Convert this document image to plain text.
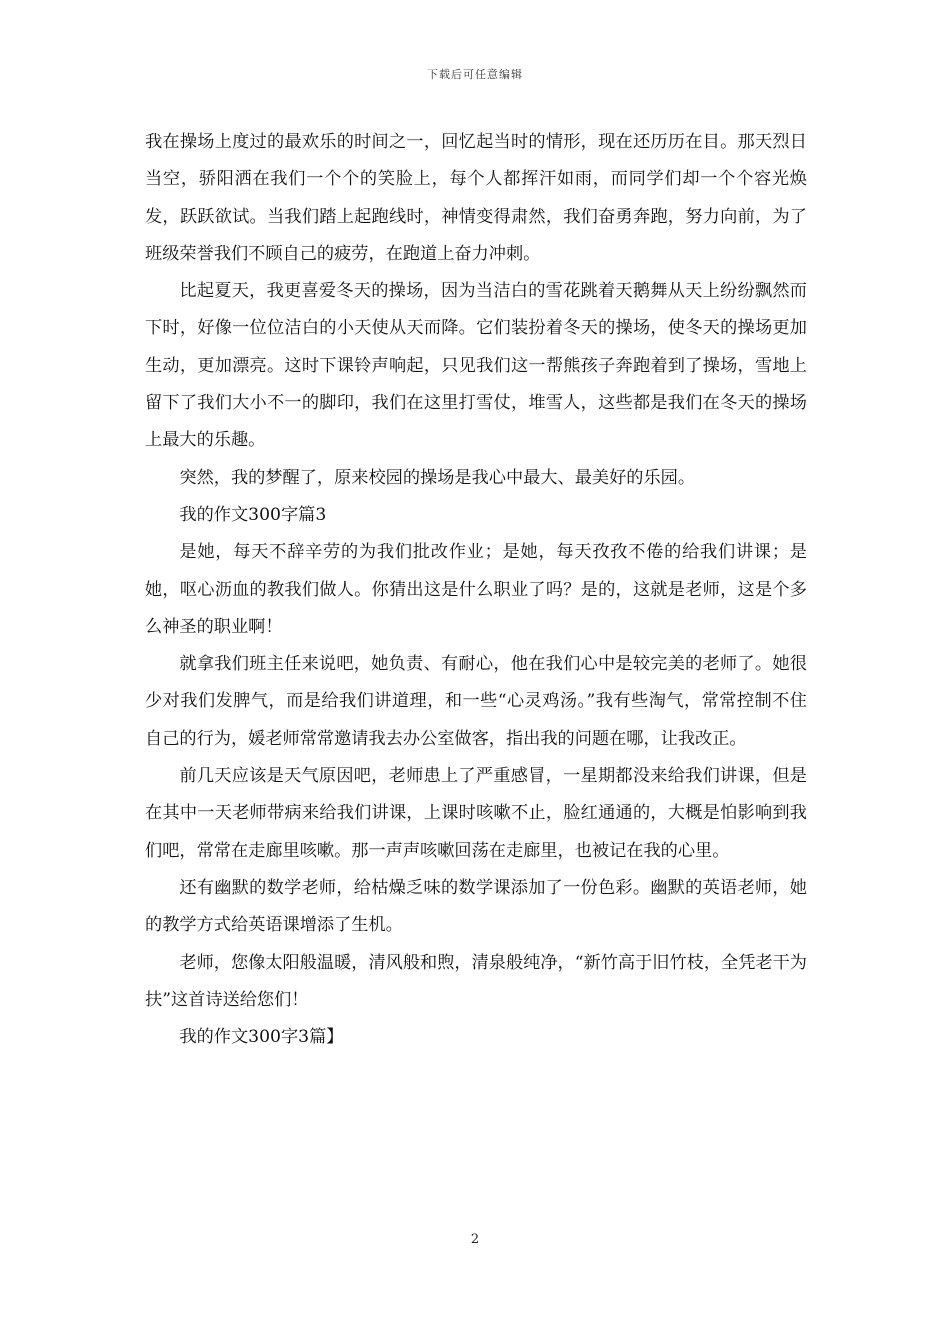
下载后可任意编辑

我在操场上度过的最欢乐的时间之一，回忆起当时的情形，现在还历历在目。那天烈日当空，骄阳洒在我们一个个的笑脸上，每个人都挥汗如雨，而同学们却一个个容光焕发，跃跃欲试。当我们踏上起跑线时，神情变得肃然，我们奋勇奔跑，努力向前，为了班级荣誉我们不顾自己的疲劳，在跑道上奋力冲刺。

比起夏天，我更喜爱冬天的操场，因为当洁白的雪花跳着天鹅舞从天上纷纷飘然而下时，好像一位位洁白的小天使从天而降。它们装扮着冬天的操场，使冬天的操场更加生动，更加漂亮。这时下课铃声响起，只见我们这一帮熊孩子奔跑着到了操场，雪地上留下了我们大小不一的脚印，我们在这里打雪仗，堆雪人，这些都是我们在冬天的操场上最大的乐趣。

突然，我的梦醒了，原来校园的操场是我心中最大、最美好的乐园。

我的作文300字篇3

是她，每天不辞辛劳的为我们批改作业；是她，每天孜孜不倦的给我们讲课；是她，呕心沥血的教我们做人。你猜出这是什么职业了吗？是的，这就是老师，这是个多么神圣的职业啊！

就拿我们班主任来说吧，她负责、有耐心，他在我们心中是较完美的老师了。她很少对我们发脾气，而是给我们讲道理，和一些“心灵鸡汤。”我有些淘气，常常控制不住自己的行为，媛老师常常邀请我去办公室做客，指出我的问题在哪，让我改正。

前几天应该是天气原因吧，老师患上了严重感冒，一星期都没来给我们讲课，但是在其中一天老师带病来给我们讲课，上课时咳嗽不止，脸红通通的，大概是怕影响到我们吧，常常在走廊里咳嗽。那一声声咳嗽回荡在走廊里，也被记在我的心里。

还有幽默的数学老师，给枯燥乏味的数学课添加了一份色彩。幽默的英语老师，她的教学方式给英语课增添了生机。

老师，您像太阳般温暖，清风般和煦，清泉般纯净，“新竹高于旧竹枝，全凭老干为扶”这首诗送给您们！

我的作文300字3篇】

2
